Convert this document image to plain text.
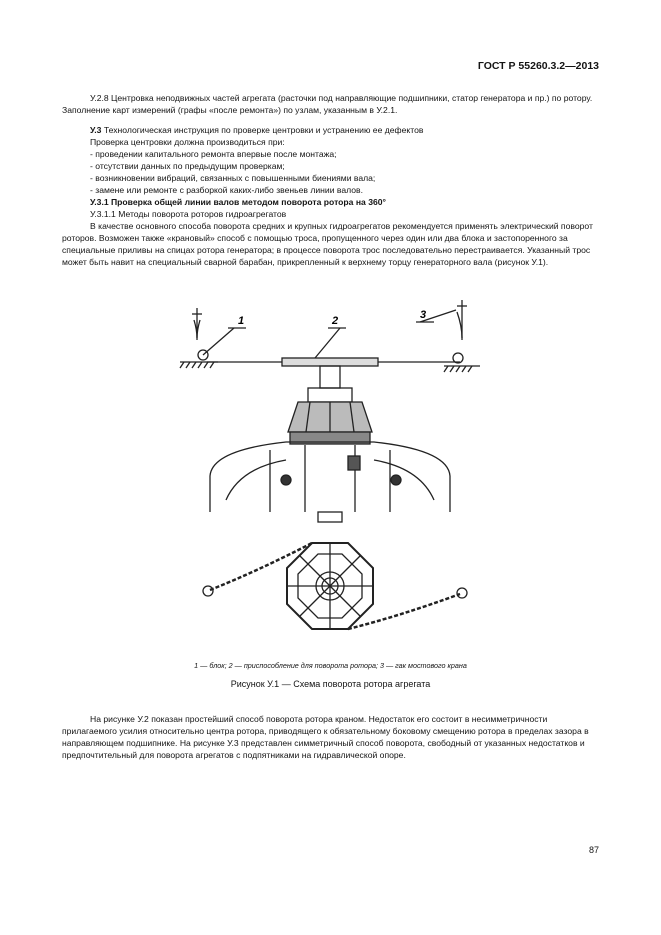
ГОСТ Р 55260.3.2—2013

У.2.8 Центровка неподвижных частей агрегата (расточки под направляющие подшипники, статор генератора и пр.) по ротору. Заполнение карт измерений (графы «после ремонта») по узлам, указанным в У.2.1.

У.3 Технологическая инструкция по проверке центровки и устранению ее дефектов

Проверка центровки должна производиться при:

- проведении капитального ремонта впервые после монтажа;

- отсутствии данных по предыдущим проверкам;

- возникновении вибраций, связанных с повышенными биениями вала;

- замене или ремонте с разборкой каких-либо звеньев линии валов.

У.3.1 Проверка общей линии валов методом поворота ротора на 360°

У.3.1.1 Методы поворота роторов гидроагрегатов

В качестве основного способа поворота средних и крупных гидроагрегатов рекомендуется применять электрический поворот роторов. Возможен также «крановый» способ с помощью троса, пропущенного через один или два блока и застопоренного за специальные приливы на спицах ротора генератора; в процессе поворота трос последовательно перестраивается. Указанный трос может быть навит на специальный сварной барабан, прикрепленный к верхнему торцу генераторного вала (рисунок У.1).

1	2	3
1 — блок; 2 — приспособление для поворота ротора; 3 — гак мостового крана
Рисунок У.1 — Схема поворота ротора агрегата

На рисунке У.2 показан простейший способ поворота ротора краном. Недостаток его состоит в несимметричности прилагаемого усилия относительно центра ротора, приводящего к обязательному боковому смещению ротора в пределах зазора в направляющем подшипнике. На рисунке У.3 представлен симметричный способ поворота, свободный от указанных недостатков и предпочтительный для поворота агрегатов с подпятниками на гидравлической опоре.

87
